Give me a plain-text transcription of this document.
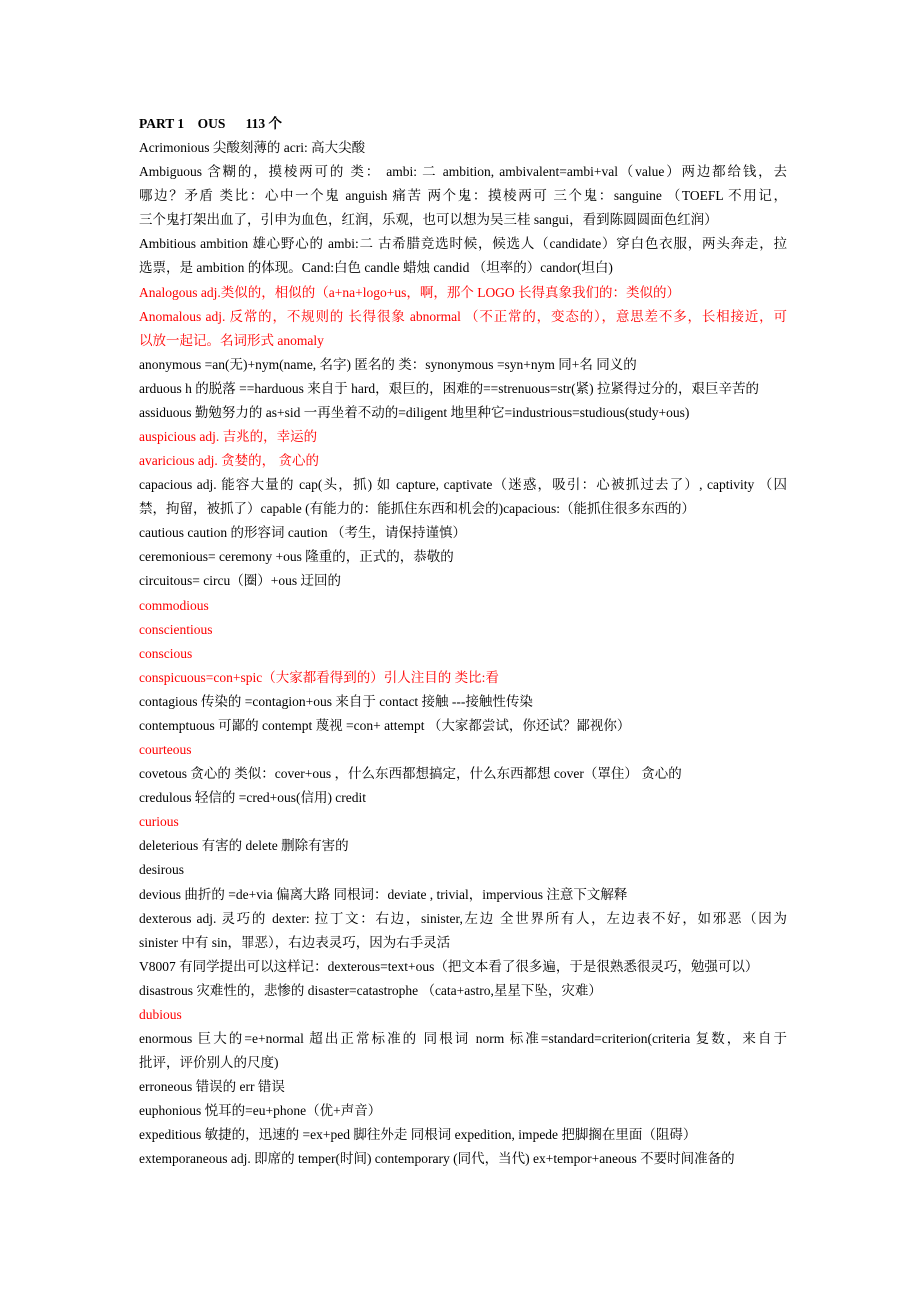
PART 1    OUS      113 个
Acrimonious 尖酸刻薄的 acri: 高大尖酸
Ambiguous 含糊的，摸棱两可的 类： ambi: 二 ambition, ambivalent=ambi+val（value）两边都给钱，去
哪边？矛盾 类比：心中一个鬼 anguish 痛苦 两个鬼：摸棱两可 三个鬼：sanguine （TOEFL 不用记，
三个鬼打架出血了，引申为血色，红润，乐观，也可以想为吴三桂 sangui，看到陈圆圆面色红润）
Ambitious ambition 雄心野心的 ambi:二 古希腊竞选时候，候选人（candidate）穿白色衣服，两头奔走，拉
选票，是 ambition 的体现。Cand:白色 candle 蜡烛 candid （坦率的）candor(坦白)
Analogous adj.类似的，相似的（a+na+logo+us，啊，那个 LOGO 长得真象我们的：类似的）
Anomalous adj. 反常的，不规则的 长得很象 abnormal （不正常的，变态的），意思差不多，长相接近，可
以放一起记。名词形式 anomaly
anonymous =an(无)+nym(name, 名字) 匿名的 类：synonymous =syn+nym 同+名 同义的
arduous h 的脱落 ==harduous 来自于 hard，艰巨的，困难的==strenuous=str(紧) 拉紧得过分的，艰巨辛苦的
assiduous 勤勉努力的 as+sid 一再坐着不动的=diligent 地里种它=industrious=studious(study+ous)
auspicious adj. 吉兆的，幸运的
avaricious adj. 贪婪的， 贪心的
capacious adj. 能容大量的 cap(头，抓) 如 capture, captivate（迷惑，吸引：心被抓过去了）, captivity （囚
禁，拘留，被抓了）capable (有能力的：能抓住东西和机会的)capacious:（能抓住很多东西的）
cautious caution 的形容词 caution （考生，请保持谨慎）
ceremonious= ceremony +ous 隆重的，正式的，恭敬的
circuitous= circu（圈）+ous 迂回的
commodious
conscientious
conscious
conspicuous=con+spic（大家都看得到的）引人注目的 类比:看
contagious 传染的 =contagion+ous 来自于 contact 接触 ---接触性传染
contemptuous 可鄙的 contempt 蔑视 =con+ attempt （大家都尝试，你还试？鄙视你）
courteous
covetous 贪心的 类似：cover+ous ，什么东西都想搞定，什么东西都想 cover（罩住） 贪心的
credulous 轻信的 =cred+ous(信用) credit
curious
deleterious 有害的 delete 删除有害的
desirous
devious 曲折的 =de+via 偏离大路 同根词：deviate , trivial，impervious 注意下文解释
dexterous adj. 灵巧的 dexter: 拉丁文：右边，sinister,左边 全世界所有人，左边表不好，如邪恶（因为
sinister 中有 sin，罪恶），右边表灵巧，因为右手灵活
V8007 有同学提出可以这样记：dexterous=text+ous（把文本看了很多遍，于是很熟悉很灵巧，勉强可以）
disastrous 灾难性的，悲惨的 disaster=catastrophe （cata+astro,星星下坠，灾难）
dubious
enormous 巨大的=e+normal 超出正常标准的 同根词 norm 标准=standard=criterion(criteria 复数，来自于
批评，评价别人的尺度)
erroneous 错误的 err 错误
euphonious 悦耳的=eu+phone（优+声音）
expeditious 敏捷的，迅速的 =ex+ped 脚往外走 同根词 expedition, impede 把脚搁在里面（阻碍）
extemporaneous adj. 即席的 temper(时间) contemporary (同代，当代) ex+tempor+aneous 不要时间准备的
